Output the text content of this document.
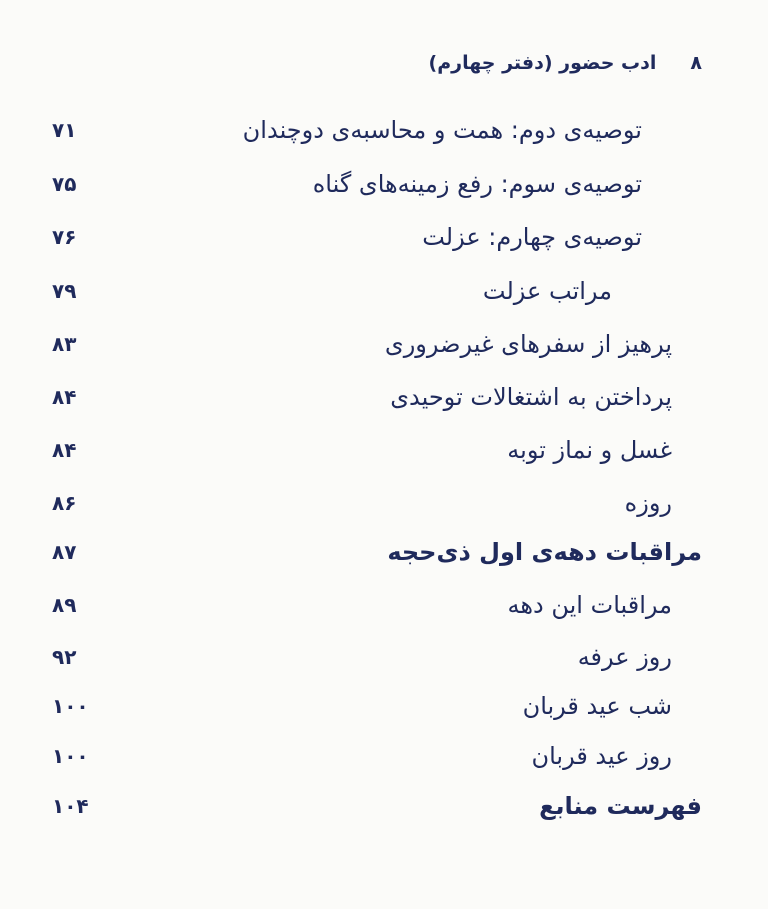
۸
ادب حضور (دفتر چهارم)
توصیه‌ی دوم: همت و محاسبه‌ی دوچندان
۷۱
توصیه‌ی سوم: رفع زمینه‌های گناه
۷۵
توصیه‌ی چهارم: عزلت
۷۶
مراتب عزلت
۷۹
پرهیز از سفرهای غیرضروری
۸۳
پرداختن به اشتغالات توحیدی
۸۴
غسل و نماز توبه
۸۴
روزه
۸۶
مراقبات دهه‌ی اول ذی‌حجه
۸۷
مراقبات این دهه
۸۹
روز عرفه
۹۲
شب عید قربان
۱۰۰
روز عید قربان
۱۰۰
فهرست منابع
۱۰۴
